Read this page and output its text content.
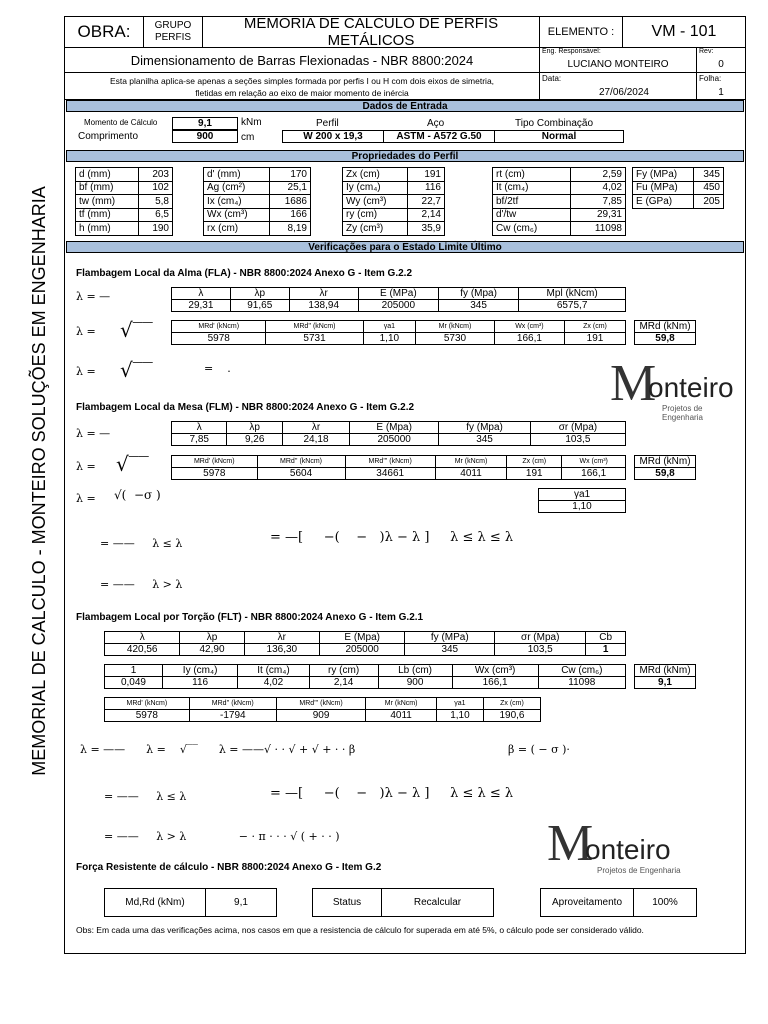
MEMORIAL DE CALCULO - MONTEIRO SOLUÇÕES EM ENGENHARIA
OBRA:	GRUPO PERFIS
MEMORIA DE CALCULO DE PERFIS METÁLICOS	ELEMENTO :	VM - 101
Dimensionamento de Barras Flexionadas - NBR 8800:2024
Eng. Responsável:
LUCIANO MONTEIRO
Rev:
0
Esta planilha aplica-se apenas a seções simples formada por perfis I ou H com dois eixos de simetria,
fletidas em relação ao eixo de maior momento de inércia
Data:
27/06/2024
Folha:
1
Dados de Entrada
Momento de Cálculo	9,1	kNm
Comprimento	900	cm
Perfil
W 200 x 19,3
Aço
ASTM - A572 G.50
Tipo Combinação
Normal
Propriedades do Perfil
d (mm)	203
bf (mm)	102
tw (mm)	5,8
tf (mm)	6,5
h (mm)	190
d' (mm)	170
Ag (cm²)	25,1
Ix (cm₄)	1686
Wx (cm³)	166
rx (cm)	8,19
Zx (cm)	191
Iy (cm₄)	116
Wy (cm³)	22,7
ry (cm)	2,14
Zy (cm³)	35,9
rt (cm)	2,59
It (cm₄)	4,02
bf/2tf	7,85
d'/tw	29,31
Cw (cm₆)	11098
Fy (MPa)	345
Fu (MPa)	450
E (GPa)	205
Verificações para o Estado Limite Último
Flambagem Local da Alma (FLA) - NBR 8800:2024 Anexo G - Item G.2.2
λ = —	λ	λp	λr	E (MPa)	fy (Mpa)	Mpl (kNcm)
29,31	91,65	138,94	205000	345	6575,7
λ = √‾‾	MRd' (kNcm)	MRd'' (kNcm)	γa1	Mr (kNcm)	Wx (cm³)	Zx (cm)
5978	5731	1,10	5730	166,1	191
MRd (kNm)
59,8
λ = √‾‾	=    .	M
onteiro
Projetos de Engenharia
Flambagem Local da Mesa (FLM) - NBR 8800:2024 Anexo G - Item G.2.2
λ = —	λ	λp	λr	E (Mpa)	fy (Mpa)	σr (Mpa)
7,85	9,26	24,18	205000	345	103,5
λ = √‾‾	MRd' (kNcm)	MRd'' (kNcm)	MRd''' (kNcm)	Mr (kNcm)	Zx (cm)	Wx (cm³)
5978	5604	34661	4011	191	166,1
MRd (kNm)
59,8
λ = √(  −σ )	γa1
1,10
= ——     λ ≤ λ	= —[     −(    −   )λ − λ ]     λ ≤ λ ≤ λ
= ——     λ > λ
Flambagem Local por Torção (FLT) - NBR 8800:2024 Anexo G - Item G.2.1
λ	λp	λr	E (Mpa)	fy (MPa)	σr (Mpa)	Cb
420,56	42,90	136,30	205000	345	103,5	1
1	Iy (cm₄)	It (cm₄)	ry (cm)	Lb (cm)	Wx (cm³)	Cw (cm₆)
0,049	116	4,02	2,14	900	166,1	11098
MRd (kNm)
9,1
MRd' (kNcm)	MRd'' (kNcm)	MRd''' (kNcm)	Mr (kNcm)	γa1	Zx (cm)
5978	-1794	909	4011	1,10	190,6
λ = ——      λ =    √‾‾      λ = ——√ · · √ + √ + · · β	β = ( − σ )·
= ——     λ ≤ λ	= —[     −(    −   )λ − λ ]     λ ≤ λ ≤ λ
= ——     λ > λ               − · π · · · √ ( + · · )	M
onteiro
Projetos de Engenharia
Força Resistente de cálculo - NBR 8800:2024 Anexo G - Item G.2
Md,Rd (kNm)	9,1	Status	Recalcular	Aproveitamento	100%
Obs: Em cada uma das verificações acima, nos casos em que a resistencia de cálculo for superada em até 5%, o cálculo pode ser considerado válido.
